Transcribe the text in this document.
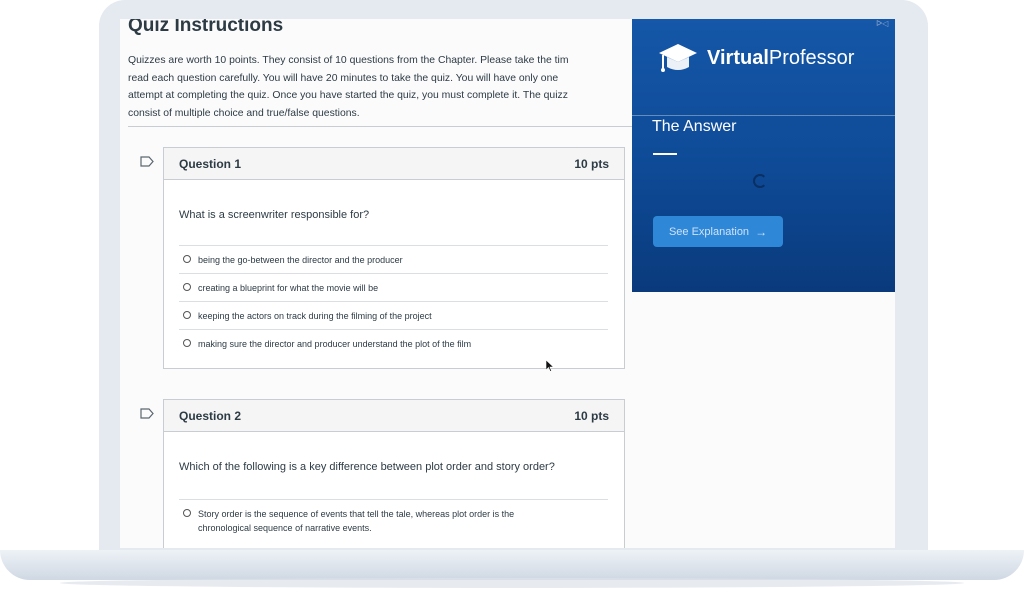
Quiz Instructions

Quizzes are worth 10 points. They consist of 10 questions from the Chapter. Please take the tim

read each question carefully. You will have 20 minutes to take the quiz. You will have only one

attempt at completing the quiz. Once you have started the quiz, you must complete it. The quizz

consist of multiple choice and true/false questions.

Question 1	10 pts
What is a screenwriter responsible for?
being the go-between the director and the producer
creating a blueprint for what the movie will be
keeping the actors on track during the filming of the project
making sure the director and producer understand the plot of the film
Question 2	10 pts
Which of the following is a key difference between plot order and story order?
Story order is the sequence of events that tell the tale, whereas plot order is the
chronological sequence of narrative events.
VirtualProfessor
The Answer
See Explanation →
ᐅ◁
